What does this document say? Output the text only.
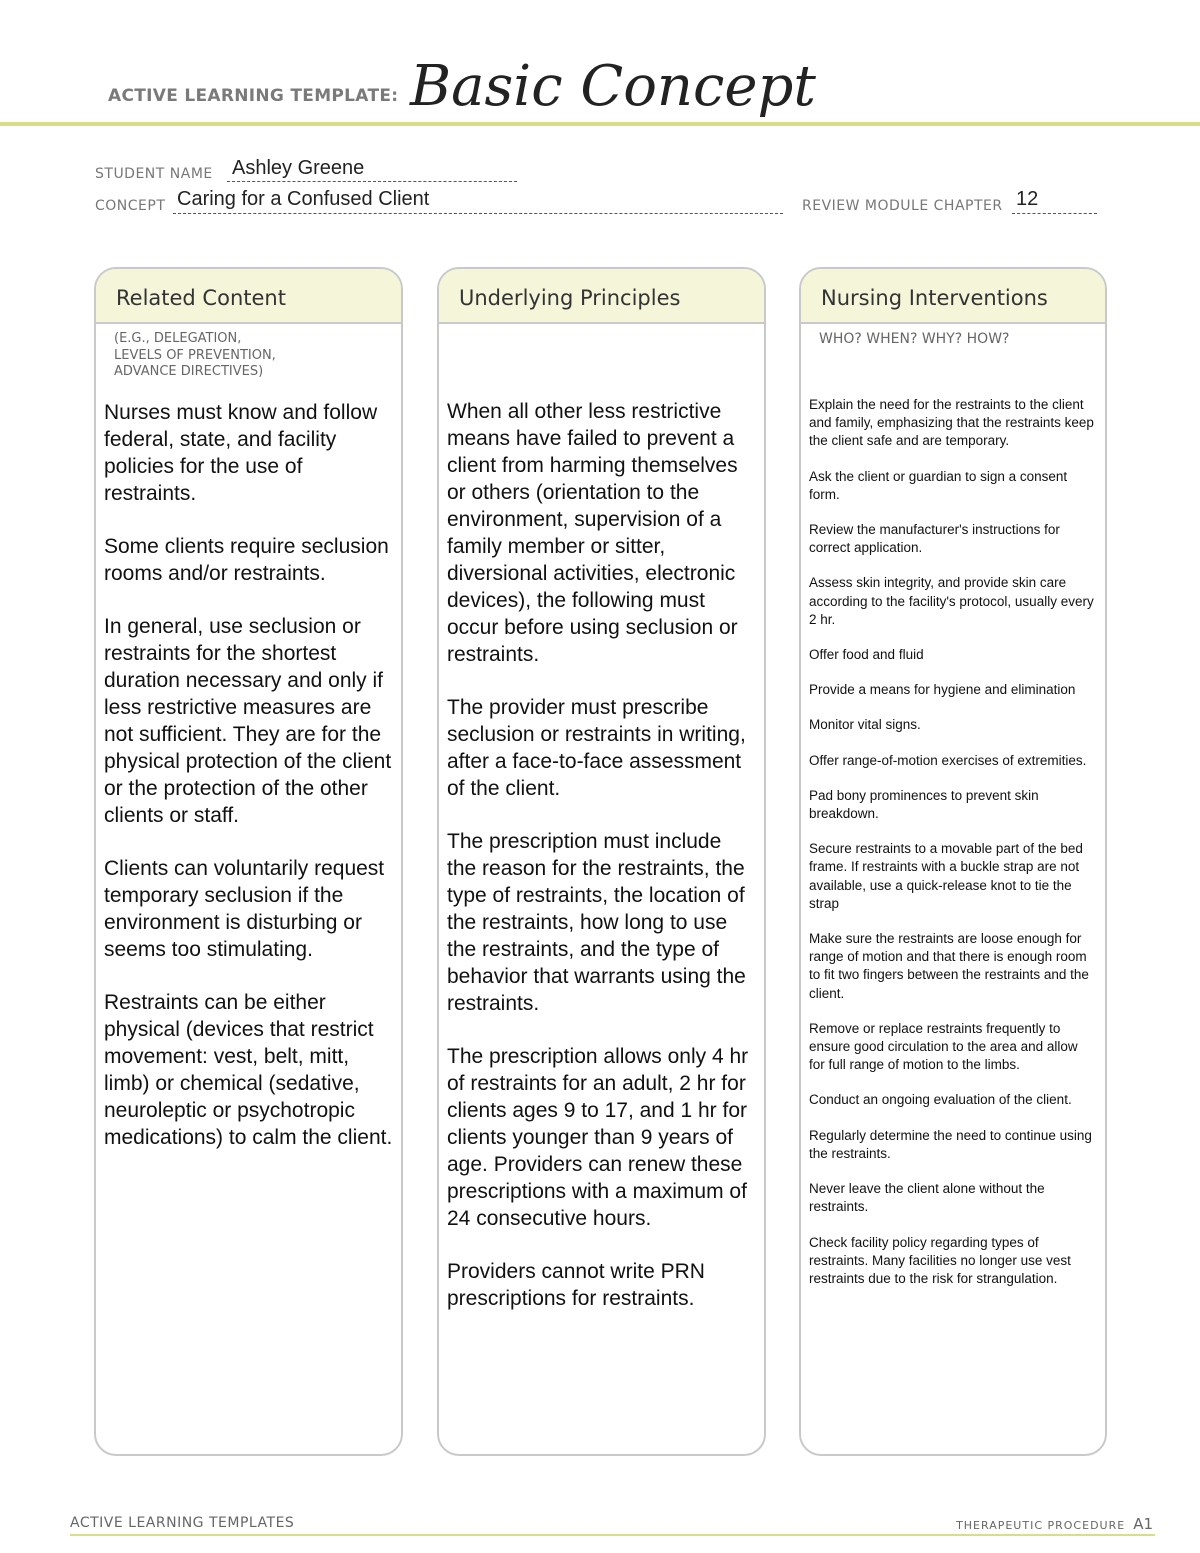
ACTIVE LEARNING TEMPLATE: Basic Concept
STUDENT NAME Ashley Greene
CONCEPT Caring for a Confused Client	REVIEW MODULE CHAPTER 12
Related Content
(E.G., DELEGATION,
LEVELS OF PREVENTION,
ADVANCE DIRECTIVES)

Nurses must know and follow federal, state, and facility policies for the use of restraints.

Some clients require seclusion rooms and/or restraints.

In general, use seclusion or restraints for the shortest duration necessary and only if less restrictive measures are not sufficient. They are for the physical protection of the client or the protection of the other clients or staff.

Clients can voluntarily request temporary seclusion if the environment is disturbing or seems too stimulating.

Restraints can be either physical (devices that restrict movement: vest, belt, mitt, limb) or chemical (sedative, neuroleptic or psychotropic medications) to calm the client.

Underlying Principles

When all other less restrictive means have failed to prevent a client from harming themselves or others (orientation to the environment, supervision of a family member or sitter, diversional activities, electronic devices), the following must occur before using seclusion or restraints.

The provider must prescribe seclusion or restraints in writing, after a face-to-face assessment of the client.

The prescription must include the reason for the restraints, the type of restraints, the location of the restraints, how long to use the restraints, and the type of behavior that warrants using the restraints.

The prescription allows only 4 hr of restraints for an adult, 2 hr for clients ages 9 to 17, and 1 hr for clients younger than 9 years of age. Providers can renew these prescriptions with a maximum of 24 consecutive hours.

Providers cannot write PRN prescriptions for restraints.

Nursing Interventions
WHO? WHEN? WHY? HOW?

Explain the need for the restraints to the client and family, emphasizing that the restraints keep the client safe and are temporary.

Ask the client or guardian to sign a consent form.

Review the manufacturer's instructions for correct application.

Assess skin integrity, and provide skin care according to the facility's protocol, usually every 2 hr.

Offer food and fluid

Provide a means for hygiene and elimination

Monitor vital signs.

Offer range-of-motion exercises of extremities.

Pad bony prominences to prevent skin breakdown.

Secure restraints to a movable part of the bed frame. If restraints with a buckle strap are not available, use a quick-release knot to tie the strap

Make sure the restraints are loose enough for range of motion and that there is enough room to fit two fingers between the restraints and the client.

Remove or replace restraints frequently to ensure good circulation to the area and allow for full range of motion to the limbs.

Conduct an ongoing evaluation of the client.

Regularly determine the need to continue using the restraints.

Never leave the client alone without the restraints.

Check facility policy regarding types of restraints. Many facilities no longer use vest restraints due to the risk for strangulation.

ACTIVE LEARNING TEMPLATES	THERAPEUTIC PROCEDURE A1
